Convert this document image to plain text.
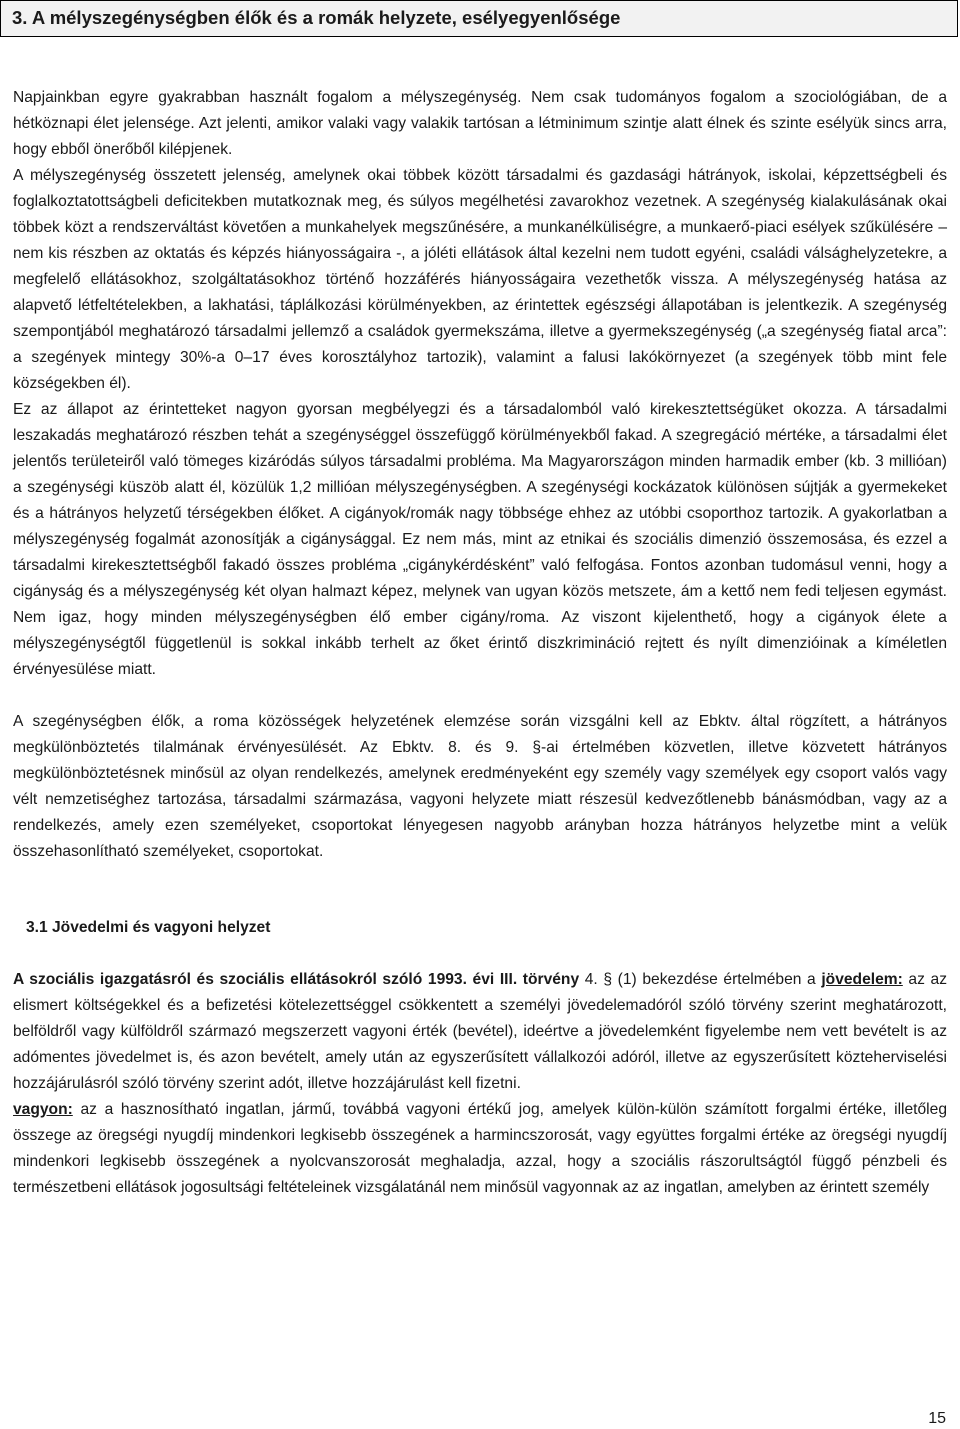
3. A mélyszegénységben élők és a romák helyzete, esélyegyenlősége

Napjainkban egyre gyakrabban használt fogalom a mélyszegénység. Nem csak tudományos fogalom a szociológiában, de a hétköznapi élet jelensége. Azt jelenti, amikor valaki vagy valakik tartósan a létminimum szintje alatt élnek és szinte esélyük sincs arra, hogy ebből önerőből kilépjenek.

A mélyszegénység összetett jelenség, amelynek okai többek között társadalmi és gazdasági hátrányok, iskolai, képzettségbeli és foglalkoztatottságbeli deficitekben mutatkoznak meg, és súlyos megélhetési zavarokhoz vezetnek. A szegénység kialakulásának okai többek közt a rendszerváltást követően a munkahelyek megszűnésére, a munkanélküliségre, a munkaerő-piaci esélyek szűkülésére – nem kis részben az oktatás és képzés hiányosságaira -, a jóléti ellátások által kezelni nem tudott egyéni, családi válsághelyzetekre, a megfelelő ellátásokhoz, szolgáltatásokhoz történő hozzáférés hiányosságaira vezethetők vissza. A mélyszegénység hatása az alapvető létfeltételekben, a lakhatási, táplálkozási körülményekben, az érintettek egészségi állapotában is jelentkezik. A szegénység szempontjából meghatározó társadalmi jellemző a családok gyermekszáma, illetve a gyermekszegénység („a szegénység fiatal arca”: a szegények mintegy 30%-a 0–17 éves korosztályhoz tartozik), valamint a falusi lakókörnyezet (a szegények több mint fele községekben él).

Ez az állapot az érintetteket nagyon gyorsan megbélyegzi és a társadalomból való kirekesztettségüket okozza. A társadalmi leszakadás meghatározó részben tehát a szegénységgel összefüggő körülményekből fakad. A szegregáció mértéke, a társadalmi élet jelentős területeiről való tömeges kizáródás súlyos társadalmi probléma. Ma Magyarországon minden harmadik ember (kb. 3 millióan) a szegénységi küszöb alatt él, közülük 1,2 millióan mélyszegénységben. A szegénységi kockázatok különösen sújtják a gyermekeket és a hátrányos helyzetű térségekben élőket. A cigányok/romák nagy többsége ehhez az utóbbi csoporthoz tartozik. A gyakorlatban a mélyszegénység fogalmát azonosítják a cigánysággal. Ez nem más, mint az etnikai és szociális dimenzió összemosása, és ezzel a társadalmi kirekesztettségből fakadó összes probléma „cigánykérdésként” való felfogása. Fontos azonban tudomásul venni, hogy a cigányság és a mélyszegénység két olyan halmazt képez, melynek van ugyan közös metszete, ám a kettő nem fedi teljesen egymást. Nem igaz, hogy minden mélyszegénységben élő ember cigány/roma. Az viszont kijelenthető, hogy a cigányok élete a mélyszegénységtől függetlenül is sokkal inkább terhelt az őket érintő diszkrimináció rejtett és nyílt dimenzióinak a kíméletlen érvényesülése miatt.

A szegénységben élők, a roma közösségek helyzetének elemzése során vizsgálni kell az Ebktv. által rögzített, a hátrányos megkülönböztetés tilalmának érvényesülését. Az Ebktv. 8. és 9. §-ai értelmében közvetlen, illetve közvetett hátrányos megkülönböztetésnek minősül az olyan rendelkezés, amelynek eredményeként egy személy vagy személyek egy csoport valós vagy vélt nemzetiséghez tartozása, társadalmi származása, vagyoni helyzete miatt részesül kedvezőtlenebb bánásmódban, vagy az a rendelkezés, amely ezen személyeket, csoportokat lényegesen nagyobb arányban hozza hátrányos helyzetbe mint a velük összehasonlítható személyeket, csoportokat.

3.1 Jövedelmi és vagyoni helyzet

A szociális igazgatásról és szociális ellátásokról szóló 1993. évi III. törvény 4. § (1) bekezdése értelmében a jövedelem: az az elismert költségekkel és a befizetési kötelezettséggel csökkentett a személyi jövedelemadóról szóló törvény szerint meghatározott, belföldről vagy külföldről származó megszerzett vagyoni érték (bevétel), ideértve a jövedelemként figyelembe nem vett bevételt is az adómentes jövedelmet is, és azon bevételt, amely után az egyszerűsített vállalkozói adóról, illetve az egyszerűsített közteherviselési hozzájárulásról szóló törvény szerint adót, illetve hozzájárulást kell fizetni.

vagyon: az a hasznosítható ingatlan, jármű, továbbá vagyoni értékű jog, amelyek külön-külön számított forgalmi értéke, illetőleg összege az öregségi nyugdíj mindenkori legkisebb összegének a harmincszorosát, vagy együttes forgalmi értéke az öregségi nyugdíj mindenkori legkisebb összegének a nyolcvanszorosát meghaladja, azzal, hogy a szociális rászorultságtól függő pénzbeli és természetbeni ellátások jogosultsági feltételeinek vizsgálatánál nem minősül vagyonnak az az ingatlan, amelyben az érintett személy

15
